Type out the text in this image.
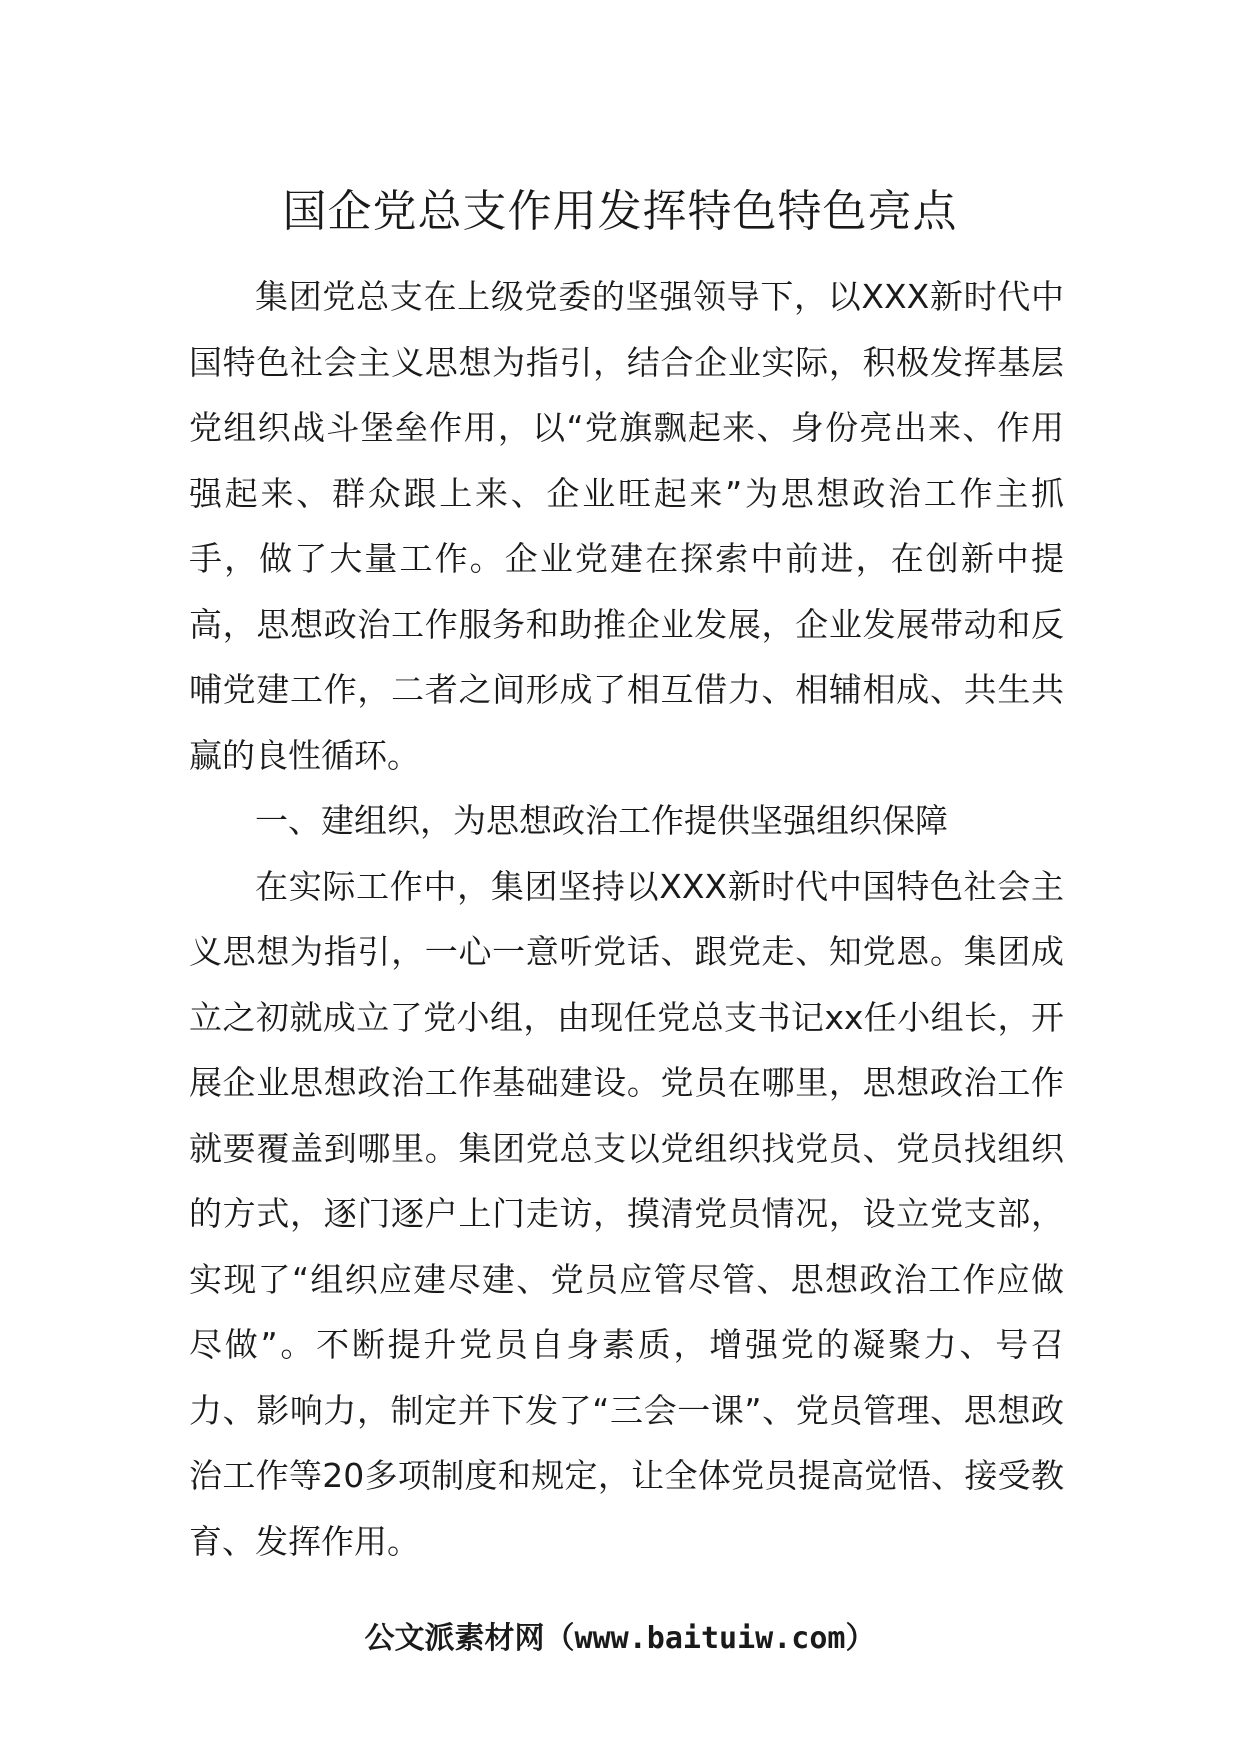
国企党总支作用发挥特色特色亮点

集团党总支在上级党委的坚强领导下，以XXX新时代中国特色社会主义思想为指引，结合企业实际，积极发挥基层党组织战斗堡垒作用，以“党旗飘起来、身份亮出来、作用强起来、群众跟上来、企业旺起来”为思想政治工作主抓手，做了大量工作。企业党建在探索中前进，在创新中提高，思想政治工作服务和助推企业发展，企业发展带动和反哺党建工作，二者之间形成了相互借力、相辅相成、共生共赢的良性循环。

一、建组织，为思想政治工作提供坚强组织保障

在实际工作中，集团坚持以XXX新时代中国特色社会主义思想为指引，一心一意听党话、跟党走、知党恩。集团成立之初就成立了党小组，由现任党总支书记xx任小组长，开展企业思想政治工作基础建设。党员在哪里，思想政治工作就要覆盖到哪里。集团党总支以党组织找党员、党员找组织的方式，逐门逐户上门走访，摸清党员情况，设立党支部，实现了“组织应建尽建、党员应管尽管、思想政治工作应做尽做”。不断提升党员自身素质，增强党的凝聚力、号召力、影响力，制定并下发了“三会一课”、党员管理、思想政治工作等20多项制度和规定，让全体党员提高觉悟、接受教育、发挥作用。

公文派素材网（www.baituiw.com）
